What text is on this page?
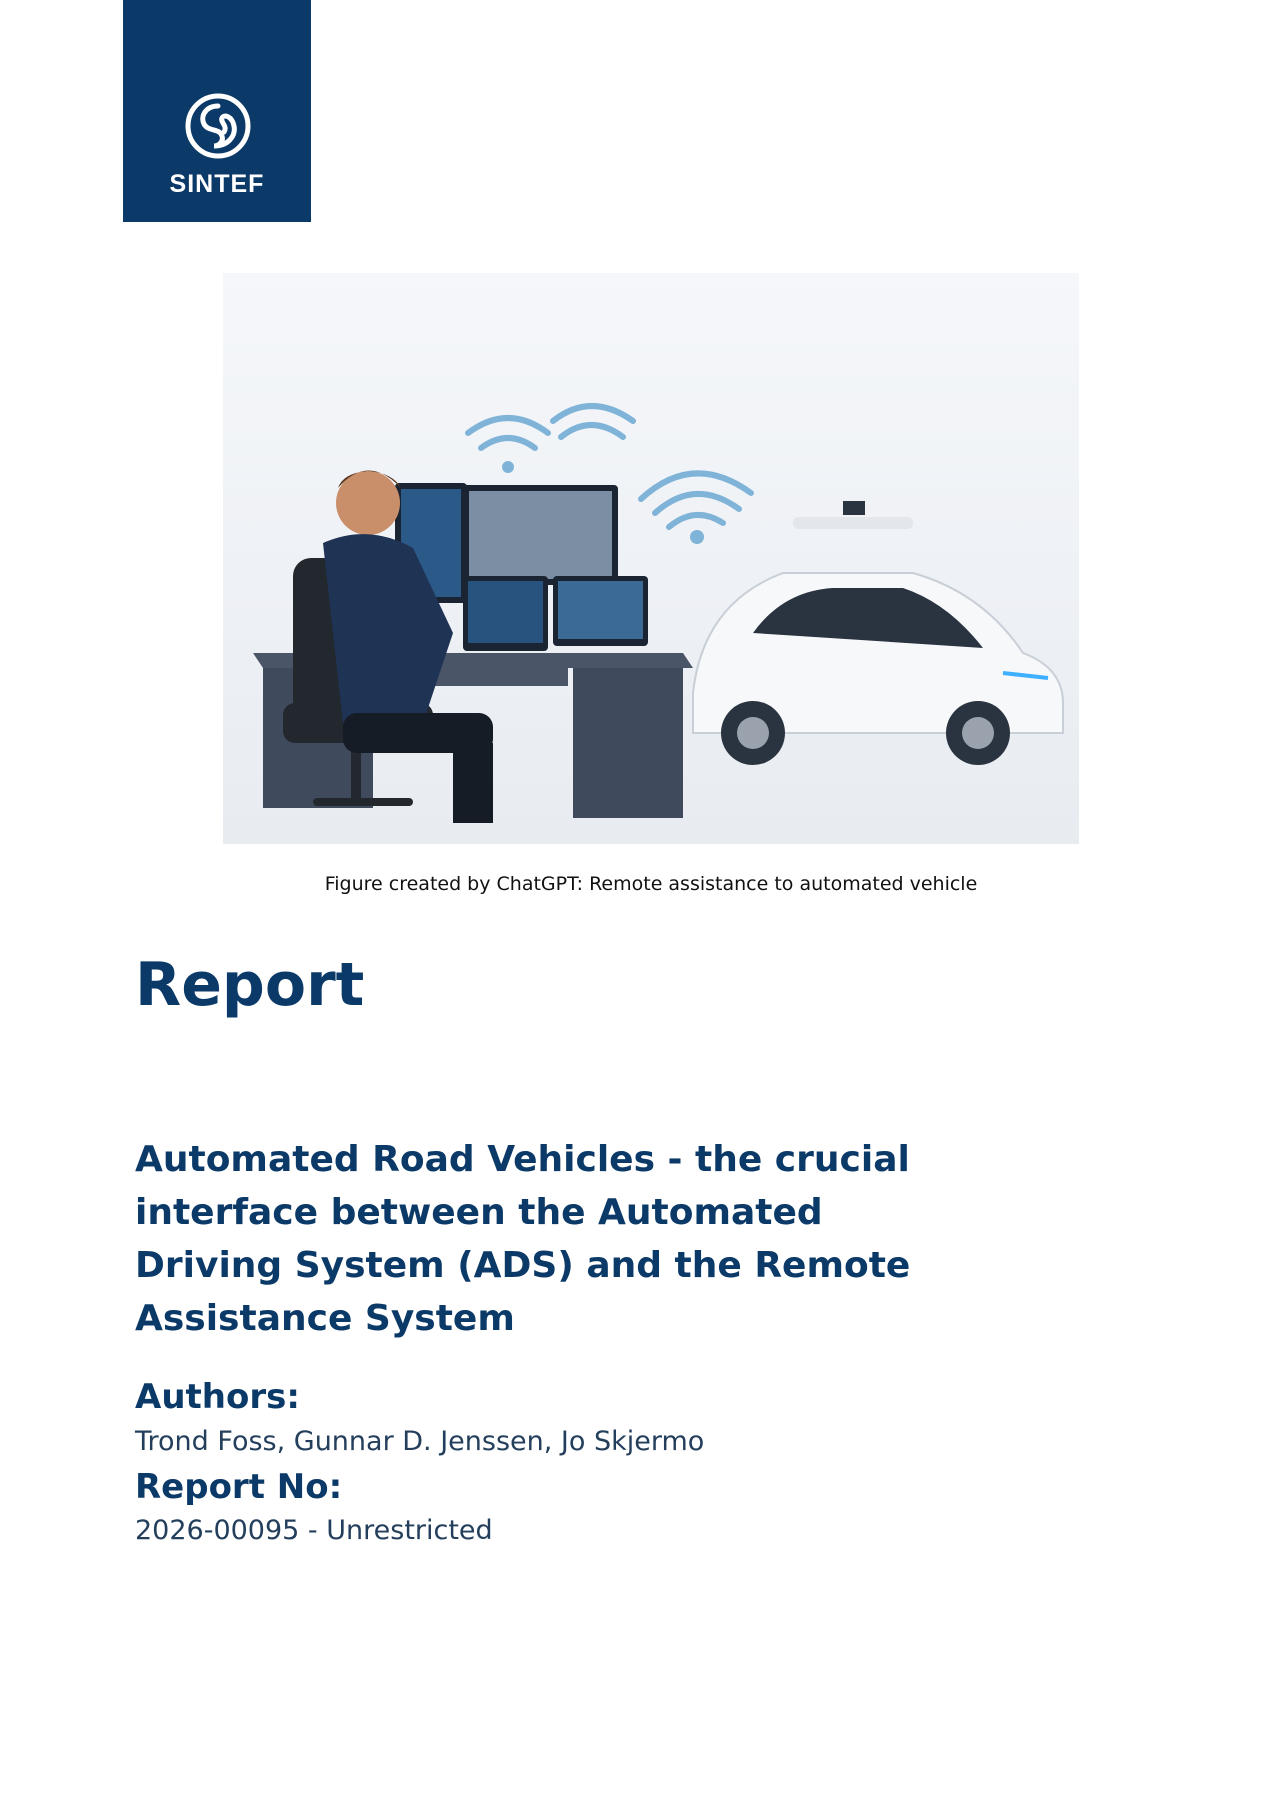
SINTEF
Figure created by ChatGPT: Remote assistance to automated vehicle
Report
Automated Road Vehicles - the crucial interface between the Automated Driving System (ADS) and the Remote Assistance System
Authors:
Trond Foss, Gunnar D. Jenssen, Jo Skjermo
Report No:
2026-00095 - Unrestricted
